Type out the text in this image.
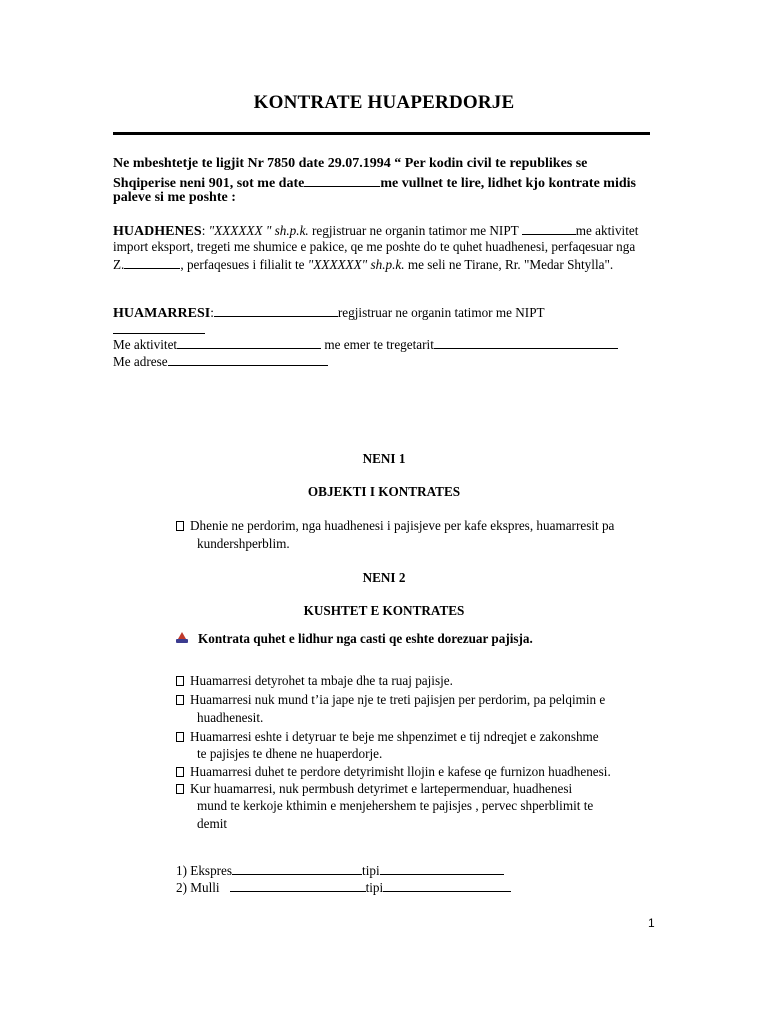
KONTRATE HUAPERDORJE
Ne mbeshtetje te ligjit Nr 7850 date 29.07.1994 “ Per kodin civil te republikes se
Shqiperise neni 901, sot me date	me vullnet te lire, lidhet kjo kontrate midis
paleve si me poshte :
HUADHENES: "XXXXXX " sh.p.k. regjistruar ne organin tatimor me NIPT	me aktivitet
import eksport, tregeti me shumice e pakice, qe me poshte do te quhet huadhenesi, perfaqesuar nga
Z.	, perfaqesues i filialit te "XXXXXX" sh.p.k. me seli ne Tirane, Rr. "Medar Shtylla".
HUAMARRESI:	regjistruar ne organin tatimor me NIPT
Me aktivitet	me emer te tregetarit
Me adrese
NENI 1
OBJEKTI I KONTRATES
Dhenie ne perdorim, nga huadhenesi i pajisjeve per kafe ekspres, huamarresit pa
kundershperblim.
NENI 2
KUSHTET E KONTRATES
Kontrata quhet e lidhur nga casti qe eshte dorezuar pajisja.
Huamarresi detyrohet ta mbaje dhe ta ruaj pajisje.
Huamarresi nuk mund t’ia jape nje te treti pajisjen per perdorim, pa pelqimin e
huadhenesit.
Huamarresi eshte i detyruar te beje me shpenzimet e tij ndreqjet e zakonshme
te pajisjes te dhene ne huaperdorje.
Huamarresi duhet te perdore detyrimisht llojin e kafese qe furnizon huadhenesi.
Kur huamarresi, nuk permbush detyrimet e lartepermenduar, huadhenesi
mund te kerkoje kthimin e menjehershem te pajisjes , pervec shperblimit te
demit
1) Ekspres	tipi
2) Mulli	tipi
1
